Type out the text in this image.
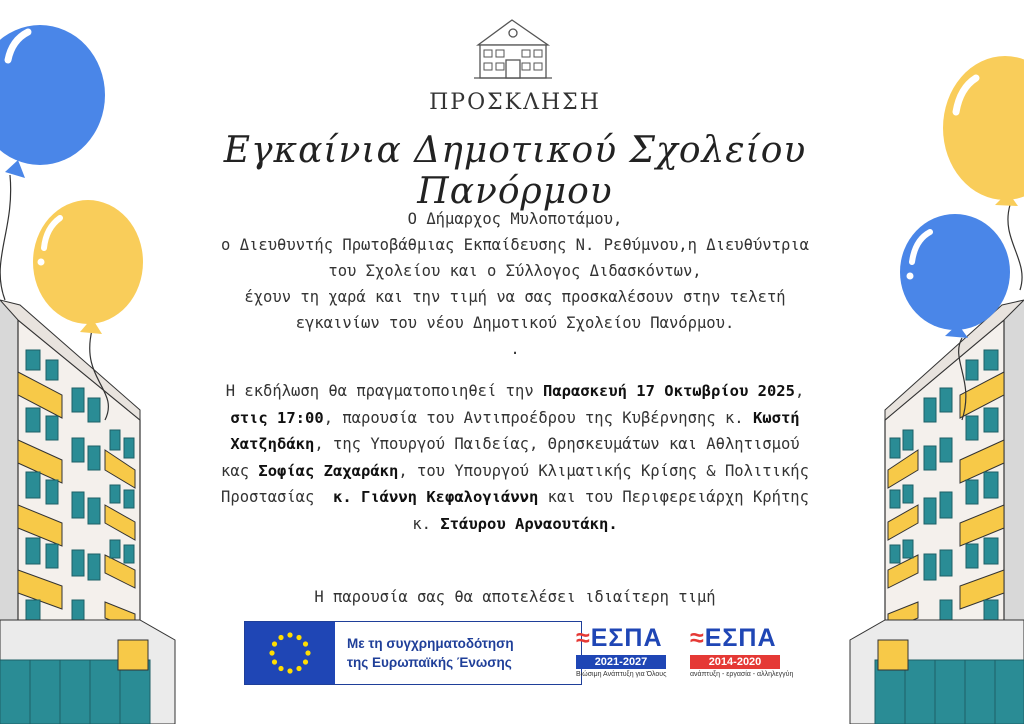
ΠΡΟΣΚΛΗΣΗ
Εγκαίνια Δημοτικού Σχολείου Πανόρμου

Ο Δήμαρχος Μυλοποτάμου,

ο Διευθυντής Πρωτοβάθμιας Εκπαίδευσης Ν. Ρεθύμνου,η Διευθύντρια

του Σχολείου και ο Σύλλογος Διδασκόντων,

έχουν τη χαρά και την τιμή να σας προσκαλέσουν στην τελετή

εγκαινίων του νέου Δημοτικού Σχολείου Πανόρμου.

.

Η εκδήλωση θα πραγματοποιηθεί την Παρασκευή 17 Οκτωβρίου 2025,
στις 17:00, παρουσία του Αντιπροέδρου της Κυβέρνησης κ. Κωστή
Χατζηδάκη, της Υπουργού Παιδείας, Θρησκευμάτων και Αθλητισμού
κας Σοφίας Ζαχαράκη, του Υπουργού Κλιματικής Κρίσης & Πολιτικής
Προστασίας  κ. Γιάννη Κεφαλογιάννη και του Περιφερειάρχη Κρήτης
κ. Στάυρου Αρναουτάκη.
Η παρουσία σας θα αποτελέσει ιδιαίτερη τιμή
Με τη συγχρηματοδότηση
της Ευρωπαϊκής Ένωσης
≈ΕΣΠΑ
2021-2027
Βιώσιμη Ανάπτυξη για Όλους
≈ΕΣΠΑ
2014-2020
ανάπτυξη - εργασία - αλληλεγγύη
